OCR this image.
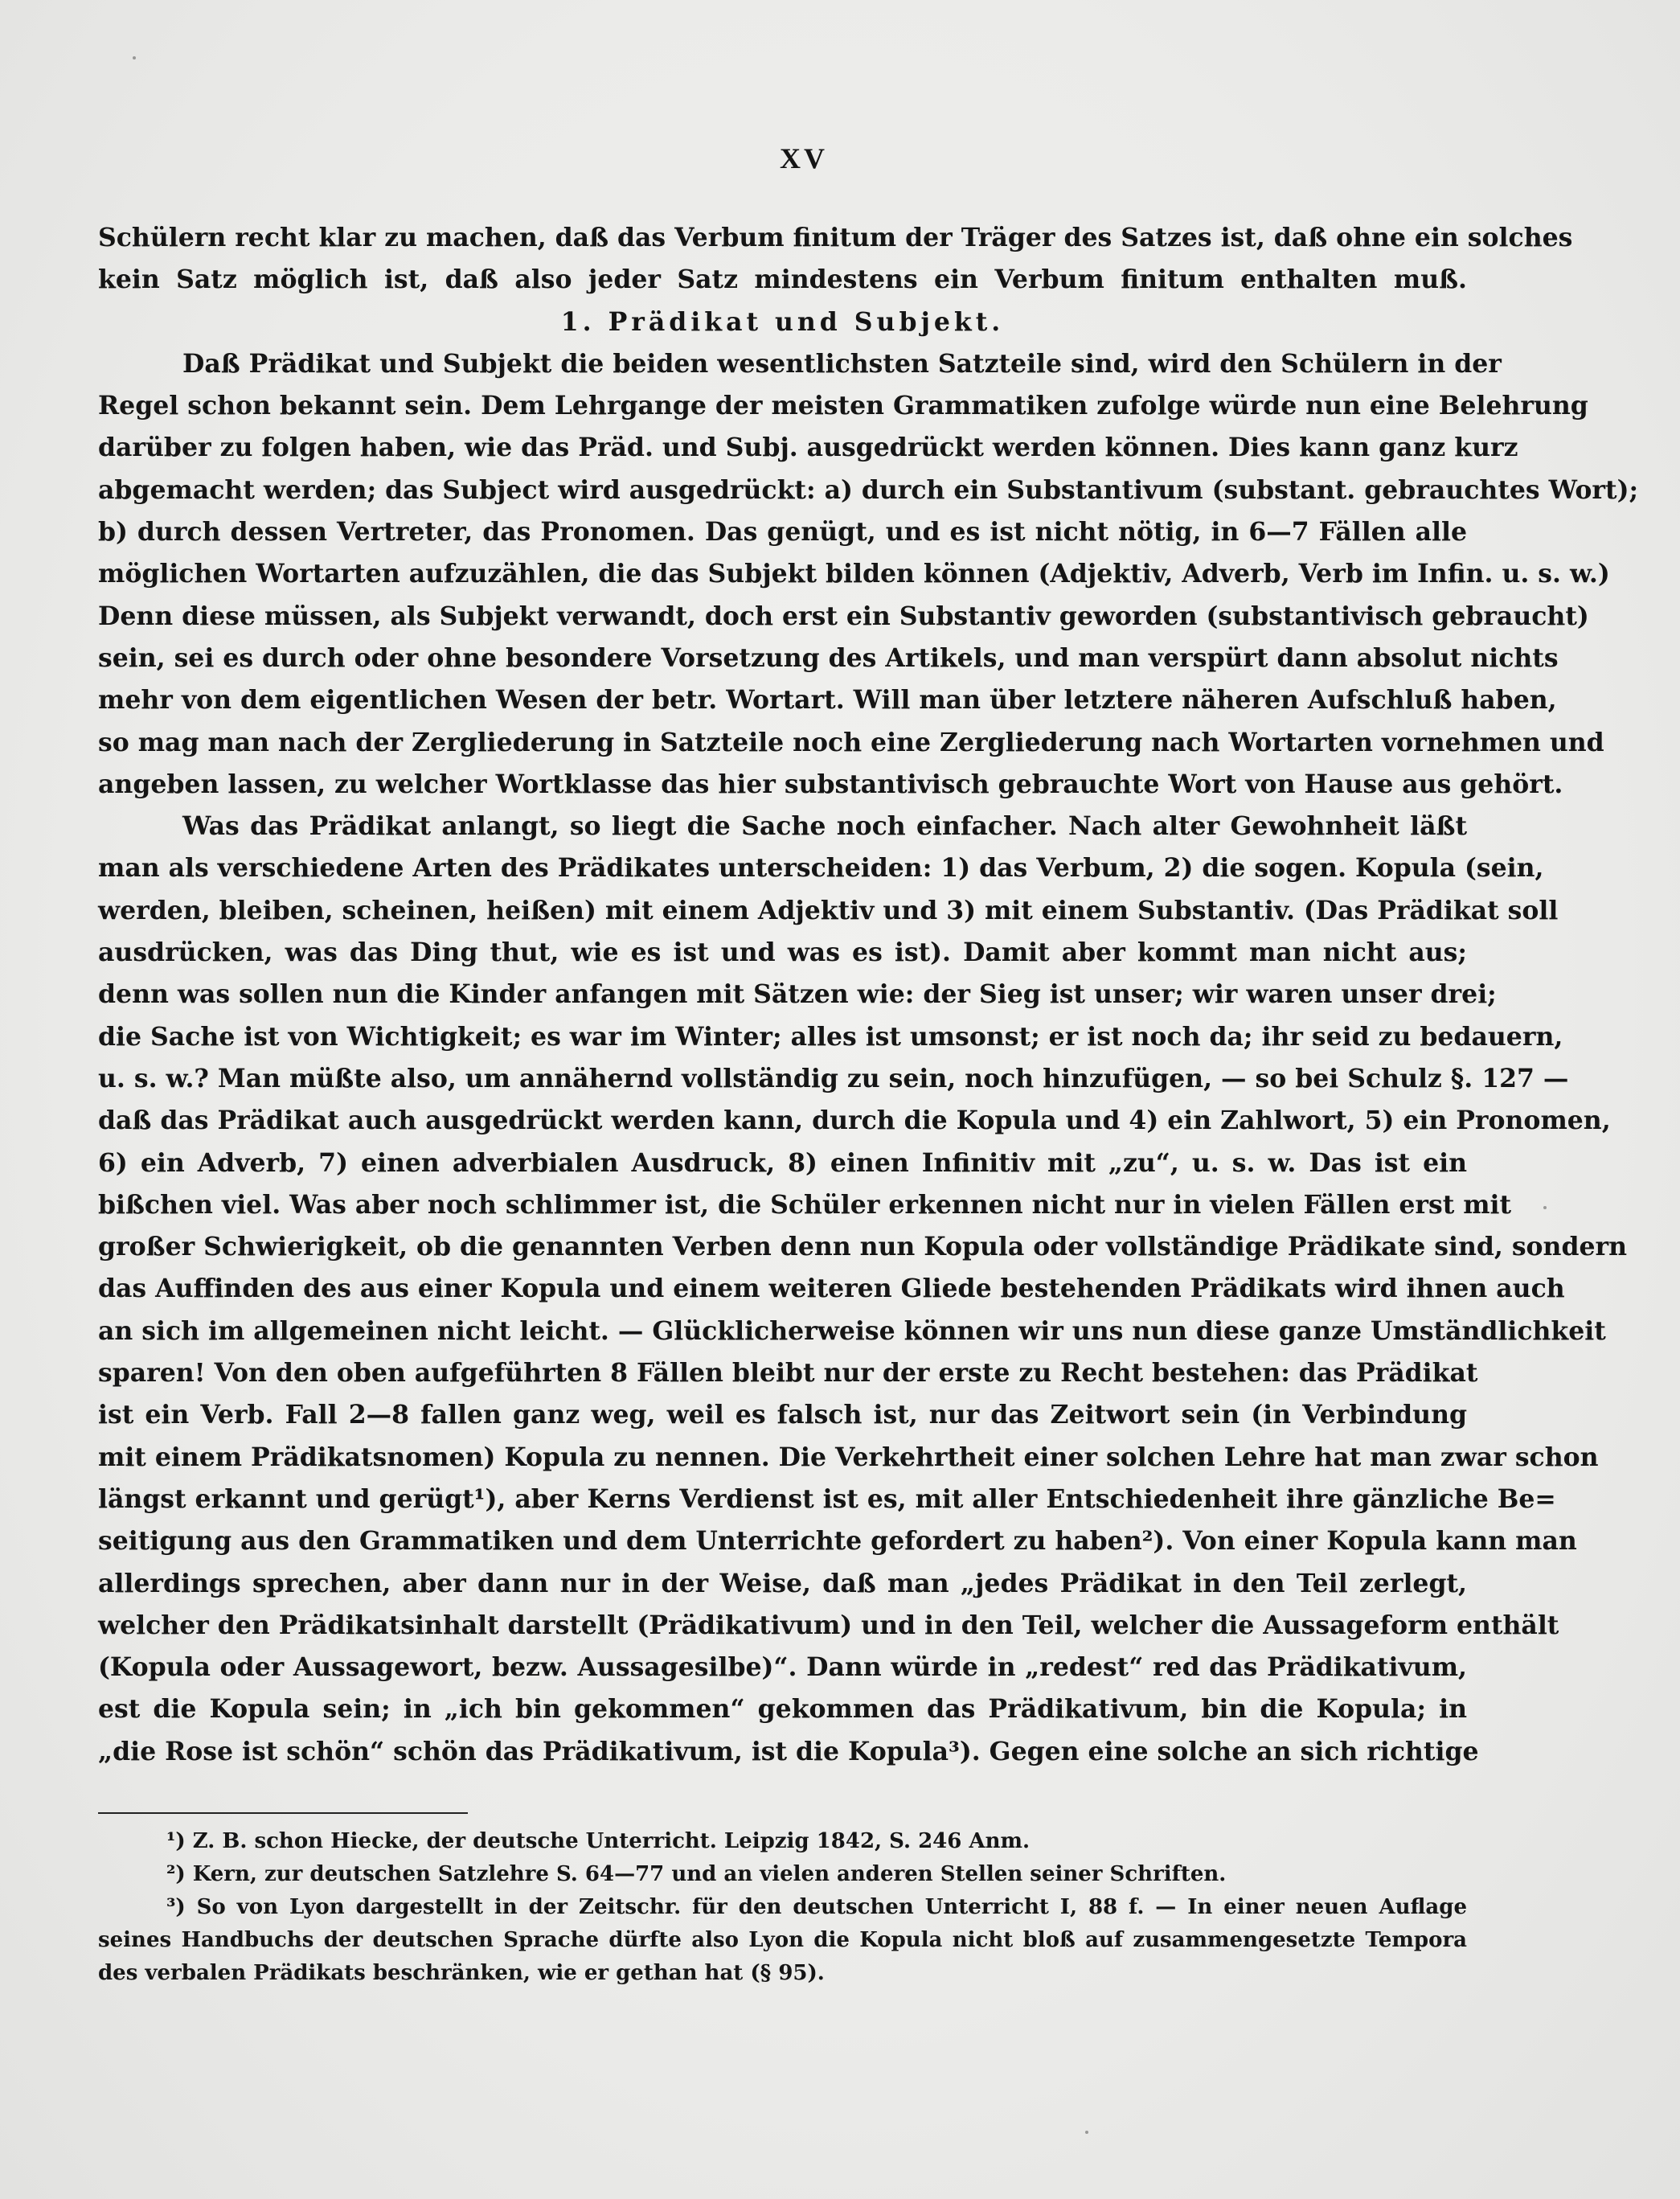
XV
Schülern recht klar zu machen, daß das Verbum finitum der Träger des Satzes ist, daß ohne ein solches
kein Satz möglich ist, daß also jeder Satz mindestens ein Verbum finitum enthalten muß.
1. Prädikat und Subjekt.
Daß Prädikat und Subjekt die beiden wesentlichsten Satzteile sind, wird den Schülern in der
Regel schon bekannt sein. Dem Lehrgange der meisten Grammatiken zufolge würde nun eine Belehrung
darüber zu folgen haben, wie das Präd. und Subj. ausgedrückt werden können. Dies kann ganz kurz
abgemacht werden; das Subject wird ausgedrückt: a) durch ein Substantivum (substant. gebrauchtes Wort);
b) durch dessen Vertreter, das Pronomen. Das genügt, und es ist nicht nötig, in 6—7 Fällen alle
möglichen Wortarten aufzuzählen, die das Subjekt bilden können (Adjektiv, Adverb, Verb im Infin. u. s. w.)
Denn diese müssen, als Subjekt verwandt, doch erst ein Substantiv geworden (substantivisch gebraucht)
sein, sei es durch oder ohne besondere Vorsetzung des Artikels, und man verspürt dann absolut nichts
mehr von dem eigentlichen Wesen der betr. Wortart. Will man über letztere näheren Aufschluß haben,
so mag man nach der Zergliederung in Satzteile noch eine Zergliederung nach Wortarten vornehmen und
angeben lassen, zu welcher Wortklasse das hier substantivisch gebrauchte Wort von Hause aus gehört.
Was das Prädikat anlangt, so liegt die Sache noch einfacher. Nach alter Gewohnheit läßt
man als verschiedene Arten des Prädikates unterscheiden: 1) das Verbum, 2) die sogen. Kopula (sein,
werden, bleiben, scheinen, heißen) mit einem Adjektiv und 3) mit einem Substantiv. (Das Prädikat soll
ausdrücken, was das Ding thut, wie es ist und was es ist). Damit aber kommt man nicht aus;
denn was sollen nun die Kinder anfangen mit Sätzen wie: der Sieg ist unser; wir waren unser drei;
die Sache ist von Wichtigkeit; es war im Winter; alles ist umsonst; er ist noch da; ihr seid zu bedauern,
u. s. w.? Man müßte also, um annähernd vollständig zu sein, noch hinzufügen, — so bei Schulz §. 127 —
daß das Prädikat auch ausgedrückt werden kann, durch die Kopula und 4) ein Zahlwort, 5) ein Pronomen,
6) ein Adverb, 7) einen adverbialen Ausdruck, 8) einen Infinitiv mit „zu“, u. s. w. Das ist ein
bißchen viel. Was aber noch schlimmer ist, die Schüler erkennen nicht nur in vielen Fällen erst mit
großer Schwierigkeit, ob die genannten Verben denn nun Kopula oder vollständige Prädikate sind, sondern
das Auffinden des aus einer Kopula und einem weiteren Gliede bestehenden Prädikats wird ihnen auch
an sich im allgemeinen nicht leicht. — Glücklicherweise können wir uns nun diese ganze Umständlichkeit
sparen! Von den oben aufgeführten 8 Fällen bleibt nur der erste zu Recht bestehen: das Prädikat
ist ein Verb. Fall 2—8 fallen ganz weg, weil es falsch ist, nur das Zeitwort sein (in Verbindung
mit einem Prädikatsnomen) Kopula zu nennen. Die Verkehrtheit einer solchen Lehre hat man zwar schon
längst erkannt und gerügt¹), aber Kerns Verdienst ist es, mit aller Entschiedenheit ihre gänzliche Be=
seitigung aus den Grammatiken und dem Unterrichte gefordert zu haben²). Von einer Kopula kann man
allerdings sprechen, aber dann nur in der Weise, daß man „jedes Prädikat in den Teil zerlegt,
welcher den Prädikatsinhalt darstellt (Prädikativum) und in den Teil, welcher die Aussageform enthält
(Kopula oder Aussagewort, bezw. Aussagesilbe)“. Dann würde in „redest“ red das Prädikativum,
est die Kopula sein; in „ich bin gekommen“ gekommen das Prädikativum, bin die Kopula; in
„die Rose ist schön“ schön das Prädikativum, ist die Kopula³). Gegen eine solche an sich richtige
¹) Z. B. schon Hiecke, der deutsche Unterricht. Leipzig 1842, S. 246 Anm.
²) Kern, zur deutschen Satzlehre S. 64—77 und an vielen anderen Stellen seiner Schriften.
³) So von Lyon dargestellt in der Zeitschr. für den deutschen Unterricht I, 88 f. — In einer neuen Auflage
seines Handbuchs der deutschen Sprache dürfte also Lyon die Kopula nicht bloß auf zusammengesetzte Tempora
des verbalen Prädikats beschränken, wie er gethan hat (§ 95).
